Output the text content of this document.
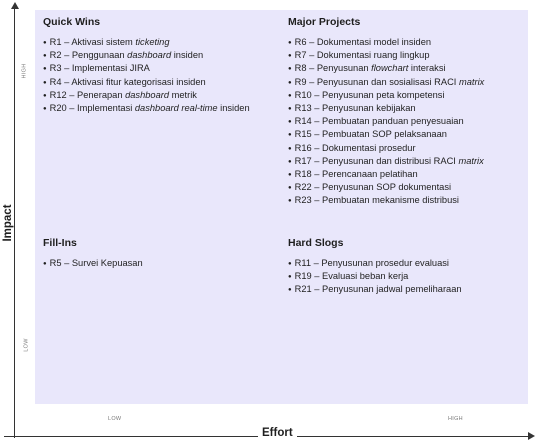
Impact
Effort
Quick Wins
● R1 – Aktivasi sistem ticketing
● R2 – Penggunaan dashboard insiden
● R3 – Implementasi JIRA
● R4 – Aktivasi fitur kategorisasi insiden
● R12 – Penerapan dashboard metrik
● R20 – Implementasi dashboard real-time insiden
Major Projects
● R6 – Dokumentasi model insiden
● R7 – Dokumentasi ruang lingkup
● R8 – Penyusunan flowchart interaksi
● R9 – Penyusunan dan sosialisasi RACI matrix
● R10 – Penyusunan peta kompetensi
● R13 – Penyusunan kebijakan
● R14 – Pembuatan panduan penyesuaian
● R15 – Pembuatan SOP pelaksanaan
● R16 – Dokumentasi prosedur
● R17 – Penyusunan dan distribusi RACI matrix
● R18 – Perencanaan pelatihan
● R22 – Penyusunan SOP dokumentasi
● R23 – Pembuatan mekanisme distribusi
Fill-Ins
● R5 – Survei Kepuasan
Hard Slogs
● R11 – Penyusunan prosedur evaluasi
● R19 – Evaluasi beban kerja
● R21 – Penyusunan jadwal pemeliharaan
HIGH
LOW
LOW	HIGH
